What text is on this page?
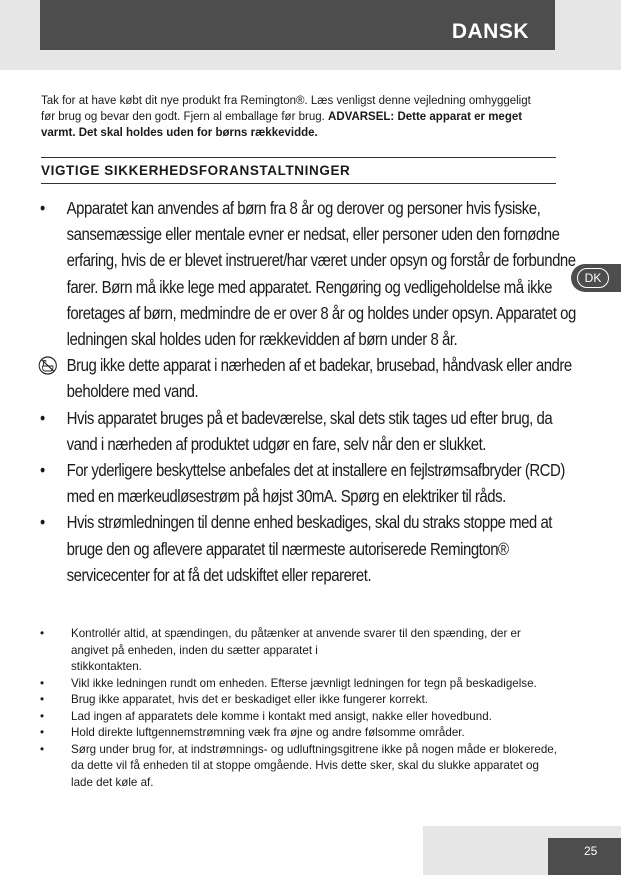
DANSK
Tak for at have købt dit nye produkt fra Remington®. Læs venligst denne vejledning omhyggeligt før brug og bevar den godt. Fjern al emballage før brug. ADVARSEL: Dette apparat er meget varmt. Det skal holdes uden for børns rækkevidde.
VIGTIGE SIKKERHEDSFORANSTALTNINGER
DK
•	Apparatet kan anvendes af børn fra 8 år og derover og personer hvis fysiske, sansemæssige eller mentale evner er nedsat, eller personer uden den fornødne erfaring, hvis de er blevet instrueret/har været under opsyn og forstår de forbundne farer. Børn må ikke lege med apparatet. Rengøring og vedligeholdelse må ikke foretages af børn, medmindre de er over 8 år og holdes under opsyn. Apparatet og ledningen skal holdes uden for rækkevidden af børn under 8 år.
Brug ikke dette apparat i nærheden af et badekar, brusebad, håndvask eller andre beholdere med vand.
•	Hvis apparatet bruges på et badeværelse, skal dets stik tages ud efter brug, da vand i nærheden af produktet udgør en fare, selv når den er slukket.
•	For yderligere beskyttelse anbefales det at installere en fejlstrømsafbryder (RCD) med en mærkeudløsestrøm på højst 30mA. Spørg en elektriker til råds.
•	Hvis strømledningen til denne enhed beskadiges, skal du straks stoppe med at bruge den og aflevere apparatet til nærmeste autoriserede Remington® servicecenter for at få det udskiftet eller repareret.
• Kontrollér altid, at spændingen, du påtænker at anvende svarer til den spænding, der er angivet på enheden, inden du sætter apparatet i
stikkontakten.
• Vikl ikke ledningen rundt om enheden. Efterse jævnligt ledningen for tegn på beskadigelse.
• Brug ikke apparatet, hvis det er beskadiget eller ikke fungerer korrekt.
• Lad ingen af apparatets dele komme i kontakt med ansigt, nakke eller hovedbund.
• Hold direkte luftgennemstrømning væk fra øjne og andre følsomme områder.
• Sørg under brug for, at indstrømnings- og udluftningsgitrene ikke på nogen måde er blokerede, da dette vil få enheden til at stoppe omgående. Hvis dette sker, skal du slukke apparatet og lade det køle af.
25
